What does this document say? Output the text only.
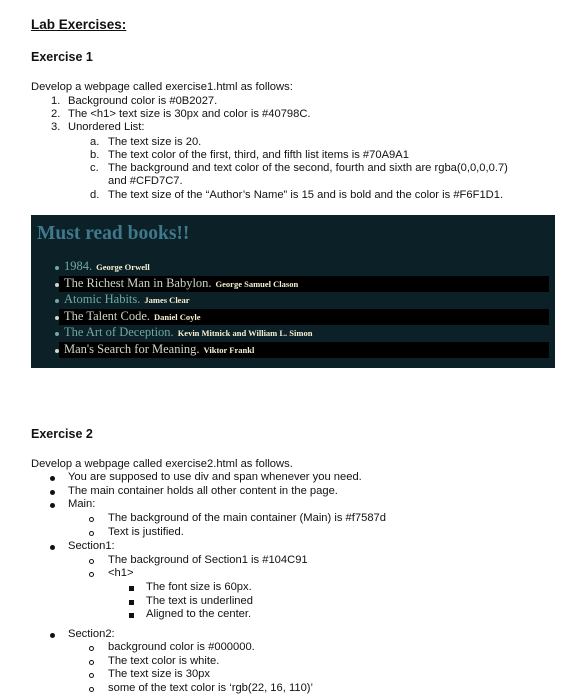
Lab Exercises:
Exercise 1
Develop a webpage called exercise1.html as follows:
1. Background color is #0B2027.
2. The <h1> text size is 30px and color is #40798C.
3. Unordered List:
a. The text size is 20.
b. The text color of the first, third, and fifth list items is #70A9A1
c. The background and text color of the second, fourth and sixth are rgba(0,0,0,0.7)
and #CFD7C7.
d. The text size of the “Author’s Name” is 15 and is bold and the color is #F6F1D1.
Must read books!!
1984. George Orwell
The Richest Man in Babylon. George Samuel Clason
Atomic Habits. James Clear
The Talent Code. Daniel Coyle
The Art of Deception. Kevin Mitnick and William L. Simon
Man's Search for Meaning. Viktor Frankl
Exercise 2
Develop a webpage called exercise2.html as follows.
You are supposed to use div and span whenever you need.
The main container holds all other content in the page.
Main:
The background of the main container (Main) is #f7587d
Text is justified.
Section1:
The background of Section1 is #104C91
<h1>
The font size is 60px.
The text is underlined
Aligned to the center.
Section2:
background color is #000000.
The text color is white.
The text size is 30px
some of the text color is ‘rgb(22, 16, 110)’
